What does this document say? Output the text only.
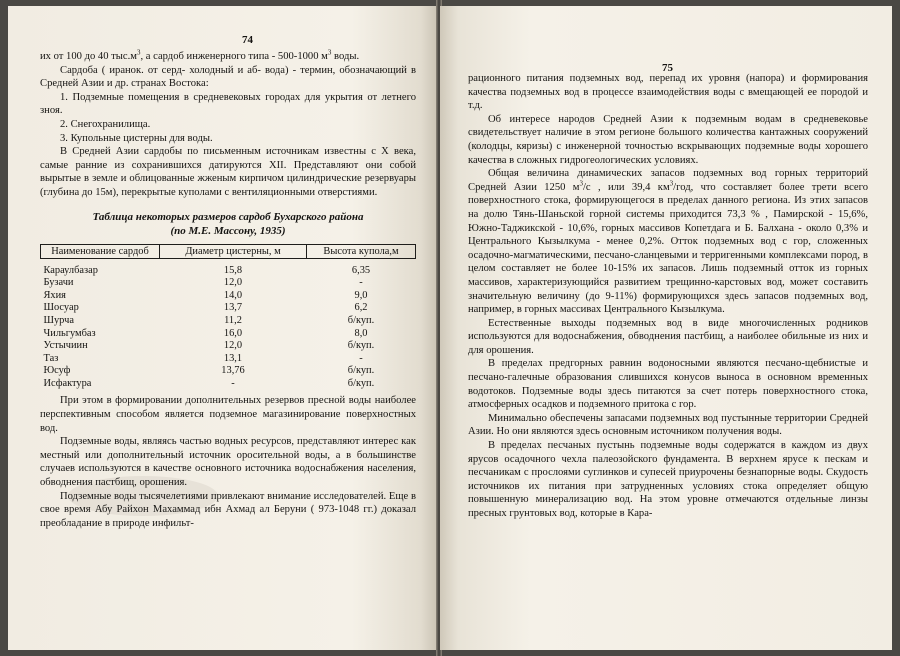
74

их от 100 до 40 $тыс.м^3$, а сардоб инженерного типа - 500-1000 $м^3$ воды.

Сардоба ( иранок. от серд- холодный и аб- вода) - термин, обозначающий в Средней Азии и др. странах Востока:

1. Подземные помещения в средневековых городах для укрытия от летнего зноя.

2. Снегохранилища.

3. Купольные цистерны для воды.

В Средней Азии сардобы по письменным источникам известны с X века, самые ранние из сохранившихся датируются XII. Представляют они собой вырытые в земле и облицованные жженым кирпичом цилиндрические резервуары (глубина до 15м), перекрытые куполами с вентиляционными отверстиями.

Таблица некоторых размеров сардоб Бухарского района
(по М.Е. Массону, 1935)
Наименование сардоб	Диаметр цистерны, м	Высота купола,м
Караулбазар	15,8	6,35
Бузачи	12,0	-
Яхия	14,0	9,0
Шосуар	13,7	6,2
Шурча	11,2	б/куп.
Чильгумбаз	16,0	8,0
Устычиин	12,0	б/куп.
Таз	13,1	-
Юсуф	13,76	б/куп.
Исфактура	-	б/куп.

При этом в формировании дополнительных резервов пресной воды наиболее перспективным способом является подземное магазинирование поверхностных вод.

Подземные воды, являясь частью водных ресурсов, представляют интерес как местный или дополнительный источник оросительной воды, а в большинстве случаев используются в качестве основного источника водоснабжения населения, обводнения пастбищ, орошения.

Подземные воды тысячелетиями привлекают внимание исследователей. Еще в свое время Абу Райхон Махаммад ибн Ахмад ал Беруни ( 973-1048 гг.) доказал преобладание в природе инфильт-

75

рационного питания подземных вод, перепад их уровня (напора) и формирования качества подземных вод в процессе взаимодействия воды с вмещающей ее породой и т.д.

Об интересе народов Средней Азии к подземным водам в средневековье свидетельствует наличие в этом регионе большого количества кантажных сооружений (колодцы, кяризы) с инженерной точностью вскрывающих подземные воды хорошего качества в сложных гидрогеологических условиях.

Общая величина динамических запасов подземных вод горных территорий Средней Азии 1250 $м^3/с$ , или 39,4 $км^3$/год, что составляет более трети всего поверхностного стока, формирующегося в пределах данного региона. Из этих запасов на долю Тянь-Шаньской горной системы приходится 73,3 % , Памирской - 15,6%, Южно-Таджикской - 10,6%, горных массивов Копетдага и Б. Балхана - около 0,3% и Центрального Кызылкума - менее 0,2%. Отток подземных вод с гор, сложенных осадочно-магматическими, песчано-сланцевыми и терригенными комплексами пород, в целом составляет не более 10-15% их запасов. Лишь подземный отток из горных массивов, характеризующийся развитием трещинно-карстовых вод, может составить значительную величину (до 9-11%) формирующихся здесь запасов подземных вод, например, в горных массивах Центрального Кызылкума.

Естественные выходы подземных вод в виде многочисленных родников используются для водоснабжения, обводнения пастбищ, а наиболее обильные из них и для орошения.

В пределах предгорных равнин водоносными являются песчано-щебнистые и песчано-галечные образования слившихся конусов выноса в основном временных водотоков. Подземные воды здесь питаются за счет потерь поверхностного стока, атмосферных осадков и подземного притока с гор.

Минимально обеспечены запасами подземных вод пустынные территории Средней Азии. Но они являются здесь основным источником получения воды.

В пределах песчаных пустынь подземные воды содержатся в каждом из двух ярусов осадочного чехла палеозойского фундамента. В верхнем ярусе к пескам и песчаникам с прослоями суглинков и супесей приурочены безнапорные воды. Скудость источников их питания при затрудненных условиях стока определяет общую повышенную минерализацию вод. На этом уровне отмечаются отдельные линзы пресных грунтовых вод, которые в Кара-
